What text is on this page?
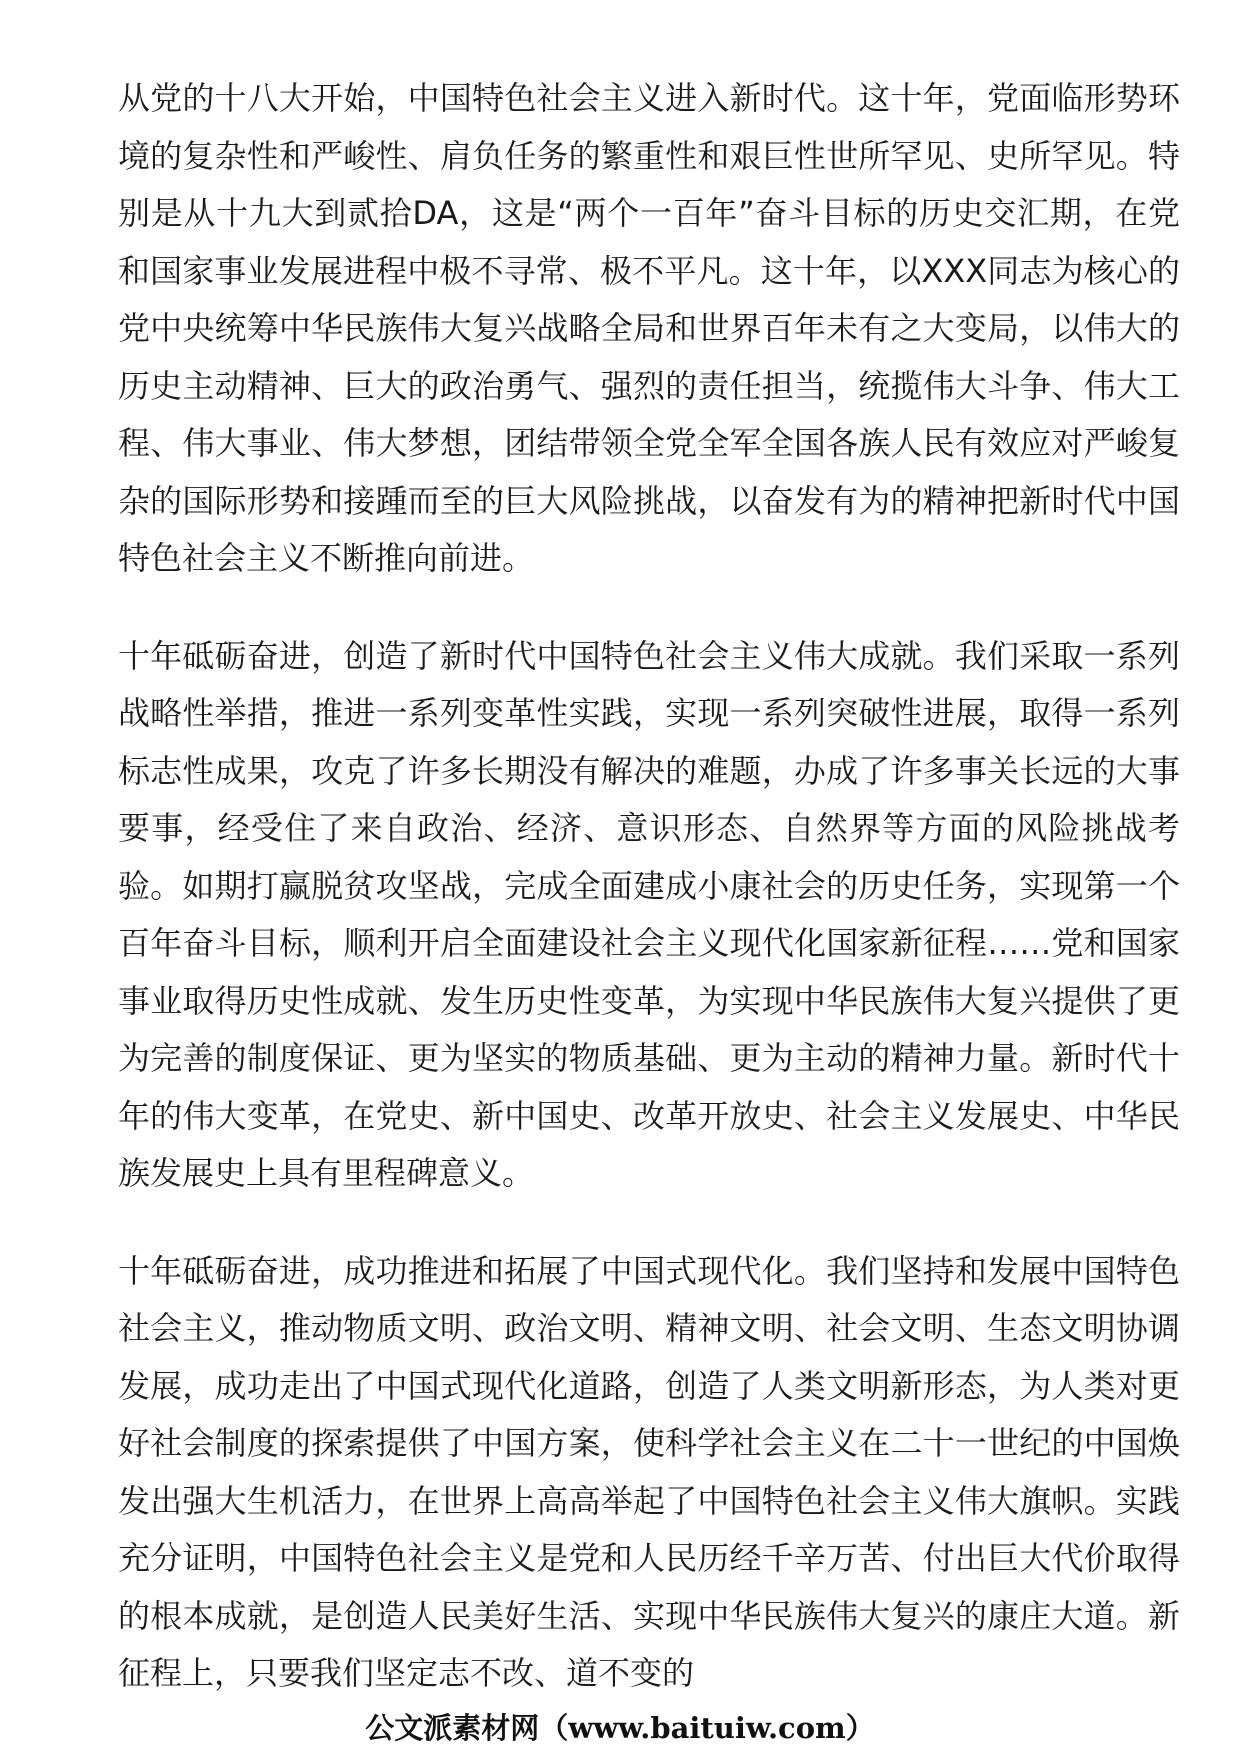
从党的十八大开始，中国特色社会主义进入新时代。这十年，党面临形势环境的复杂性和严峻性、肩负任务的繁重性和艰巨性世所罕见、史所罕见。特别是从十九大到贰拾DA，这是“两个一百年”奋斗目标的历史交汇期，在党和国家事业发展进程中极不寻常、极不平凡。这十年，以XXX同志为核心的党中央统筹中华民族伟大复兴战略全局和世界百年未有之大变局，以伟大的历史主动精神、巨大的政治勇气、强烈的责任担当，统揽伟大斗争、伟大工程、伟大事业、伟大梦想，团结带领全党全军全国各族人民有效应对严峻复杂的国际形势和接踵而至的巨大风险挑战，以奋发有为的精神把新时代中国特色社会主义不断推向前进。

十年砥砺奋进，创造了新时代中国特色社会主义伟大成就。我们采取一系列战略性举措，推进一系列变革性实践，实现一系列突破性进展，取得一系列标志性成果，攻克了许多长期没有解决的难题，办成了许多事关长远的大事要事，经受住了来自政治、经济、意识形态、自然界等方面的风险挑战考验。如期打赢脱贫攻坚战，完成全面建成小康社会的历史任务，实现第一个百年奋斗目标，顺利开启全面建设社会主义现代化国家新征程……党和国家事业取得历史性成就、发生历史性变革，为实现中华民族伟大复兴提供了更为完善的制度保证、更为坚实的物质基础、更为主动的精神力量。新时代十年的伟大变革，在党史、新中国史、改革开放史、社会主义发展史、中华民族发展史上具有里程碑意义。

十年砥砺奋进，成功推进和拓展了中国式现代化。我们坚持和发展中国特色社会主义，推动物质文明、政治文明、精神文明、社会文明、生态文明协调发展，成功走出了中国式现代化道路，创造了人类文明新形态，为人类对更好社会制度的探索提供了中国方案，使科学社会主义在二十一世纪的中国焕发出强大生机活力，在世界上高高举起了中国特色社会主义伟大旗帜。实践充分证明，中国特色社会主义是党和人民历经千辛万苦、付出巨大代价取得的根本成就，是创造人民美好生活、实现中华民族伟大复兴的康庄大道。新征程上，只要我们坚定志不改、道不变的

公文派素材网（www.baituiw.com）
